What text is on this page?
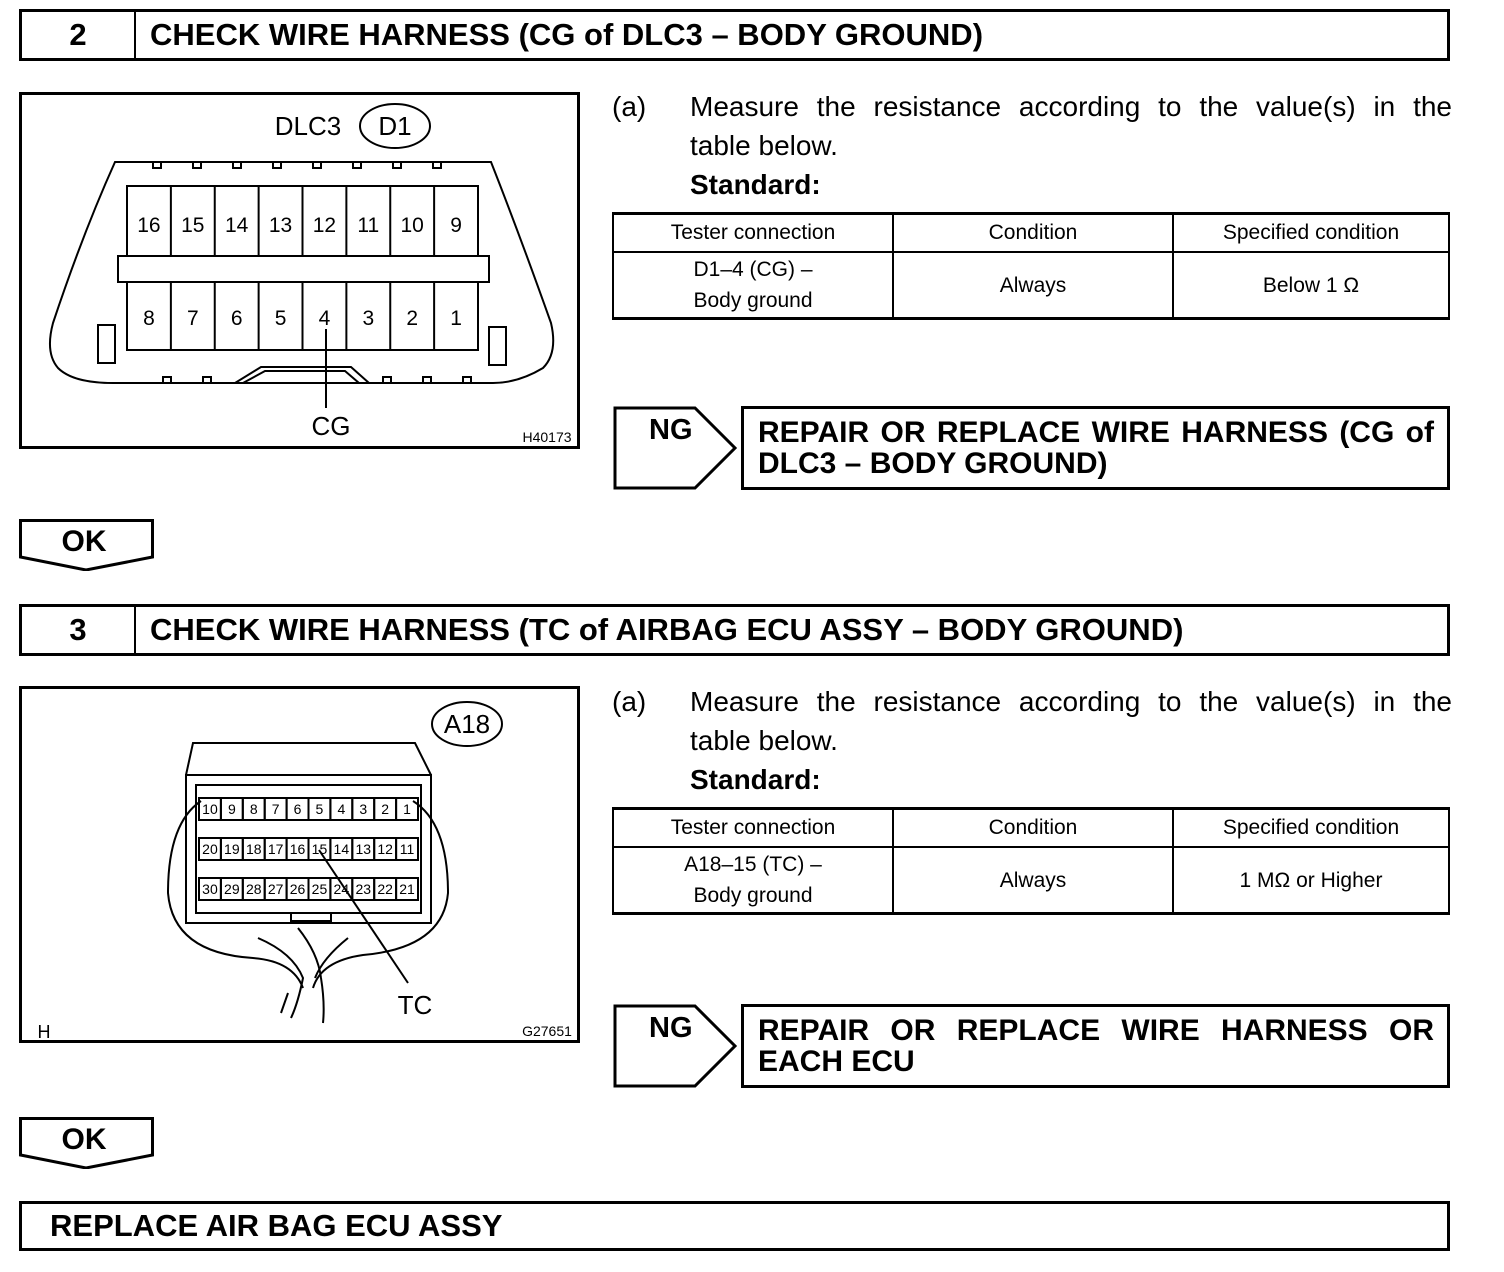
2	CHECK WIRE HARNESS (CG of DLC3 – BODY GROUND)
DLC3 D1
16 15 14 13 12 11 10 9
8 7 6 5 4 3 2 1
CG	H40173
(a) Measure the resistance according to the value(s) in the
table below.
Standard:
Tester connection	Condition	Specified condition

D1–4 (CG) –
Body ground	Always	Below 1 Ω
NG REPAIR OR REPLACE WIRE HARNESS (CG of
DLC3 – BODY GROUND)
OK
3	CHECK WIRE HARNESS (TC of AIRBAG ECU ASSY – BODY GROUND)
A18
10 9 8 7 6 5 4 3 2 1
20 19 18 17 16 15 14 13 12 11
30 29 28 27 26 25 24 23 22 21
TC
H	G27651
(a) Measure the resistance according to the value(s) in the
table below.
Standard:
Tester connection	Condition	Specified condition

A18–15 (TC) –
Body ground	Always	1 MΩ or Higher
NG REPAIR OR REPLACE WIRE HARNESS OR
EACH ECU
OK
REPLACE AIR BAG ECU ASSY
